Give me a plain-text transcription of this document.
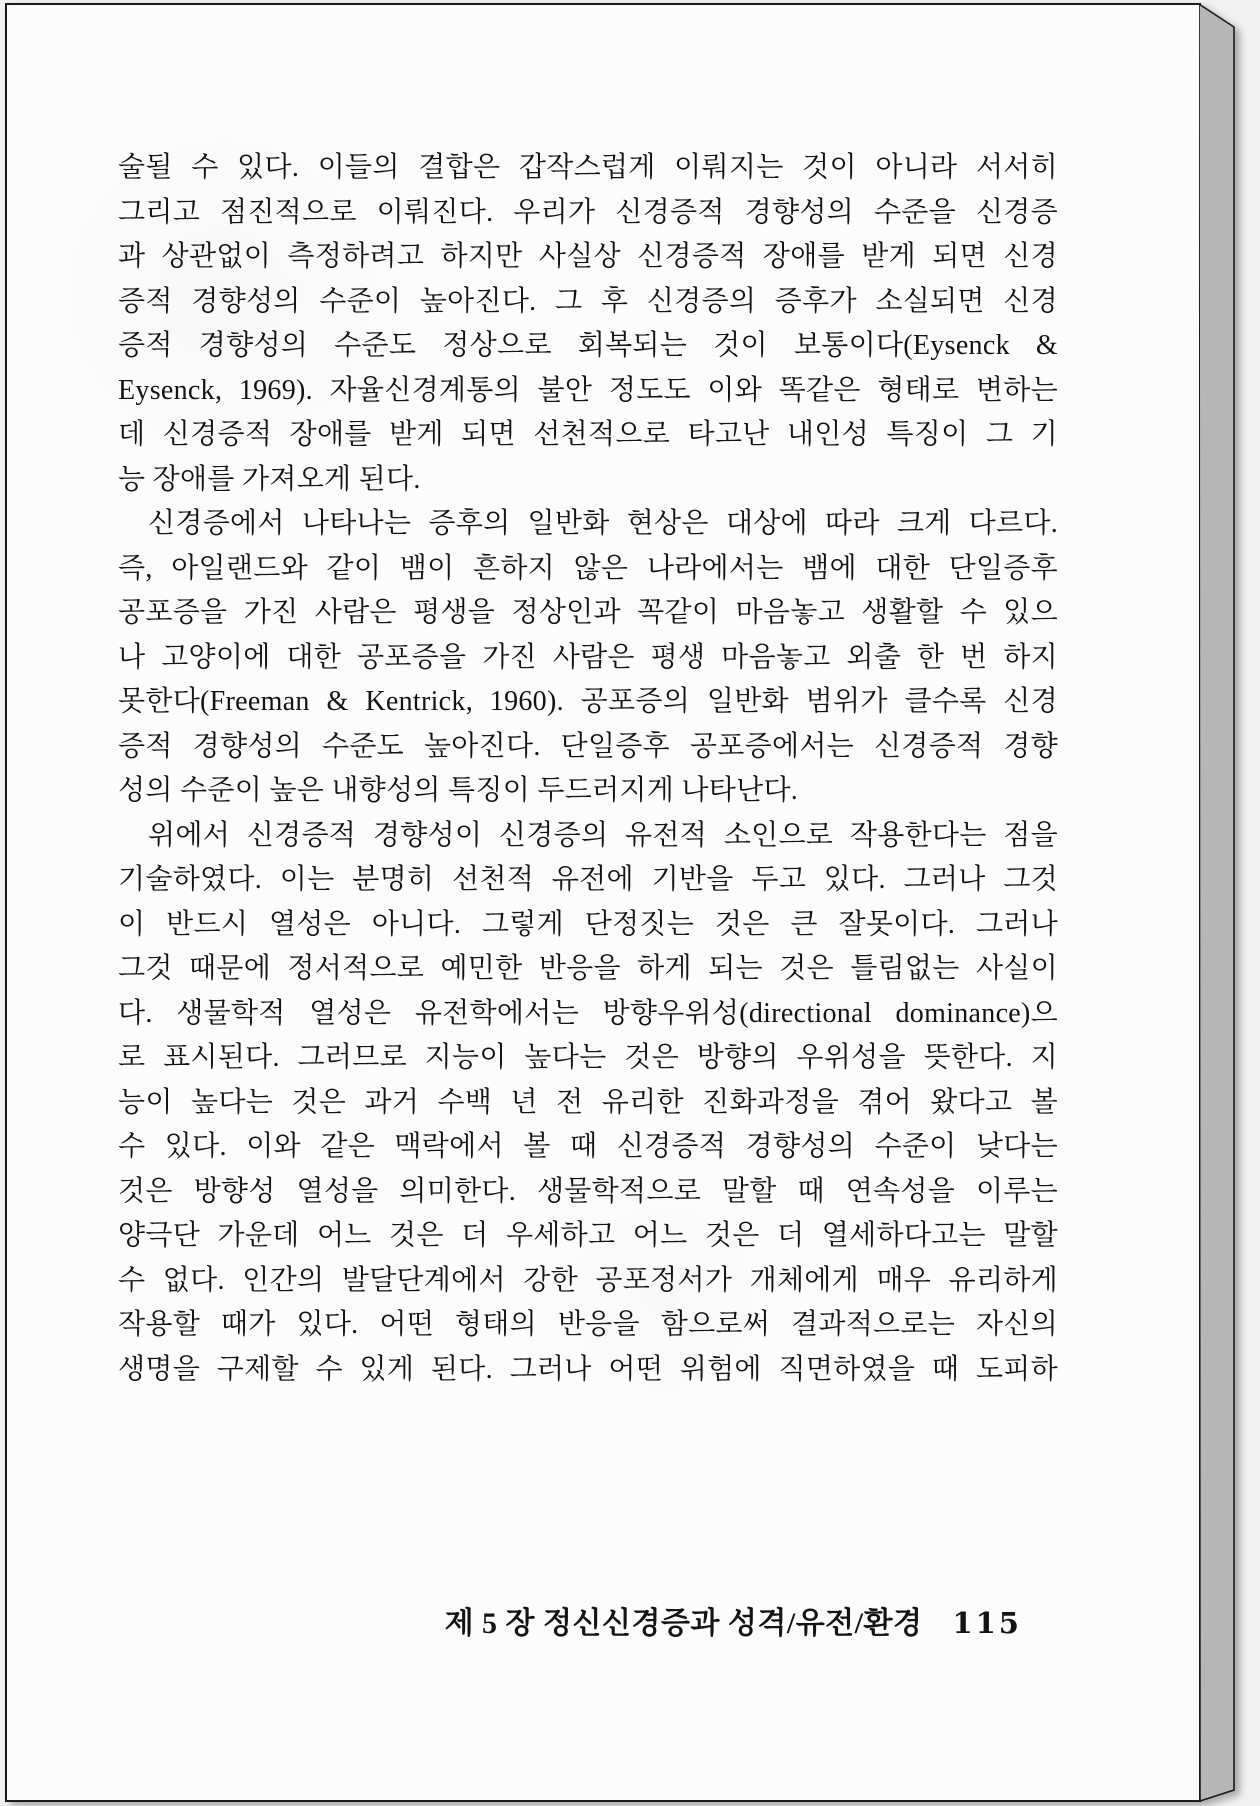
술될 수 있다. 이들의 결합은 갑작스럽게 이뤄지는 것이 아니라 서서히
그리고 점진적으로 이뤄진다. 우리가 신경증적 경향성의 수준을 신경증
과 상관없이 측정하려고 하지만 사실상 신경증적 장애를 받게 되면 신경
증적 경향성의 수준이 높아진다. 그 후 신경증의 증후가 소실되면 신경
증적 경향성의 수준도 정상으로 회복되는 것이 보통이다(Eysenck &
Eysenck, 1969). 자율신경계통의 불안 정도도 이와 똑같은 형태로 변하는
데 신경증적 장애를 받게 되면 선천적으로 타고난 내인성 특징이 그 기
능 장애를 가져오게 된다.
신경증에서 나타나는 증후의 일반화 현상은 대상에 따라 크게 다르다.
즉, 아일랜드와 같이 뱀이 흔하지 않은 나라에서는 뱀에 대한 단일증후
공포증을 가진 사람은 평생을 정상인과 꼭같이 마음놓고 생활할 수 있으
나 고양이에 대한 공포증을 가진 사람은 평생 마음놓고 외출 한 번 하지
못한다(Freeman & Kentrick, 1960). 공포증의 일반화 범위가 클수록 신경
증적 경향성의 수준도 높아진다. 단일증후 공포증에서는 신경증적 경향
성의 수준이 높은 내향성의 특징이 두드러지게 나타난다.
위에서 신경증적 경향성이 신경증의 유전적 소인으로 작용한다는 점을
기술하였다. 이는 분명히 선천적 유전에 기반을 두고 있다. 그러나 그것
이 반드시 열성은 아니다. 그렇게 단정짓는 것은 큰 잘못이다. 그러나
그것 때문에 정서적으로 예민한 반응을 하게 되는 것은 틀림없는 사실이
다. 생물학적 열성은 유전학에서는 방향우위성(directional dominance)으
로 표시된다. 그러므로 지능이 높다는 것은 방향의 우위성을 뜻한다. 지
능이 높다는 것은 과거 수백 년 전 유리한 진화과정을 겪어 왔다고 볼
수 있다. 이와 같은 맥락에서 볼 때 신경증적 경향성의 수준이 낮다는
것은 방향성 열성을 의미한다. 생물학적으로 말할 때 연속성을 이루는
양극단 가운데 어느 것은 더 우세하고 어느 것은 더 열세하다고는 말할
수 없다. 인간의 발달단계에서 강한 공포정서가 개체에게 매우 유리하게
작용할 때가 있다. 어떤 형태의 반응을 함으로써 결과적으로는 자신의
생명을 구제할 수 있게 된다. 그러나 어떤 위험에 직면하였을 때 도피하
제 5 장 정신신경증과 성격/유전/환경 115
